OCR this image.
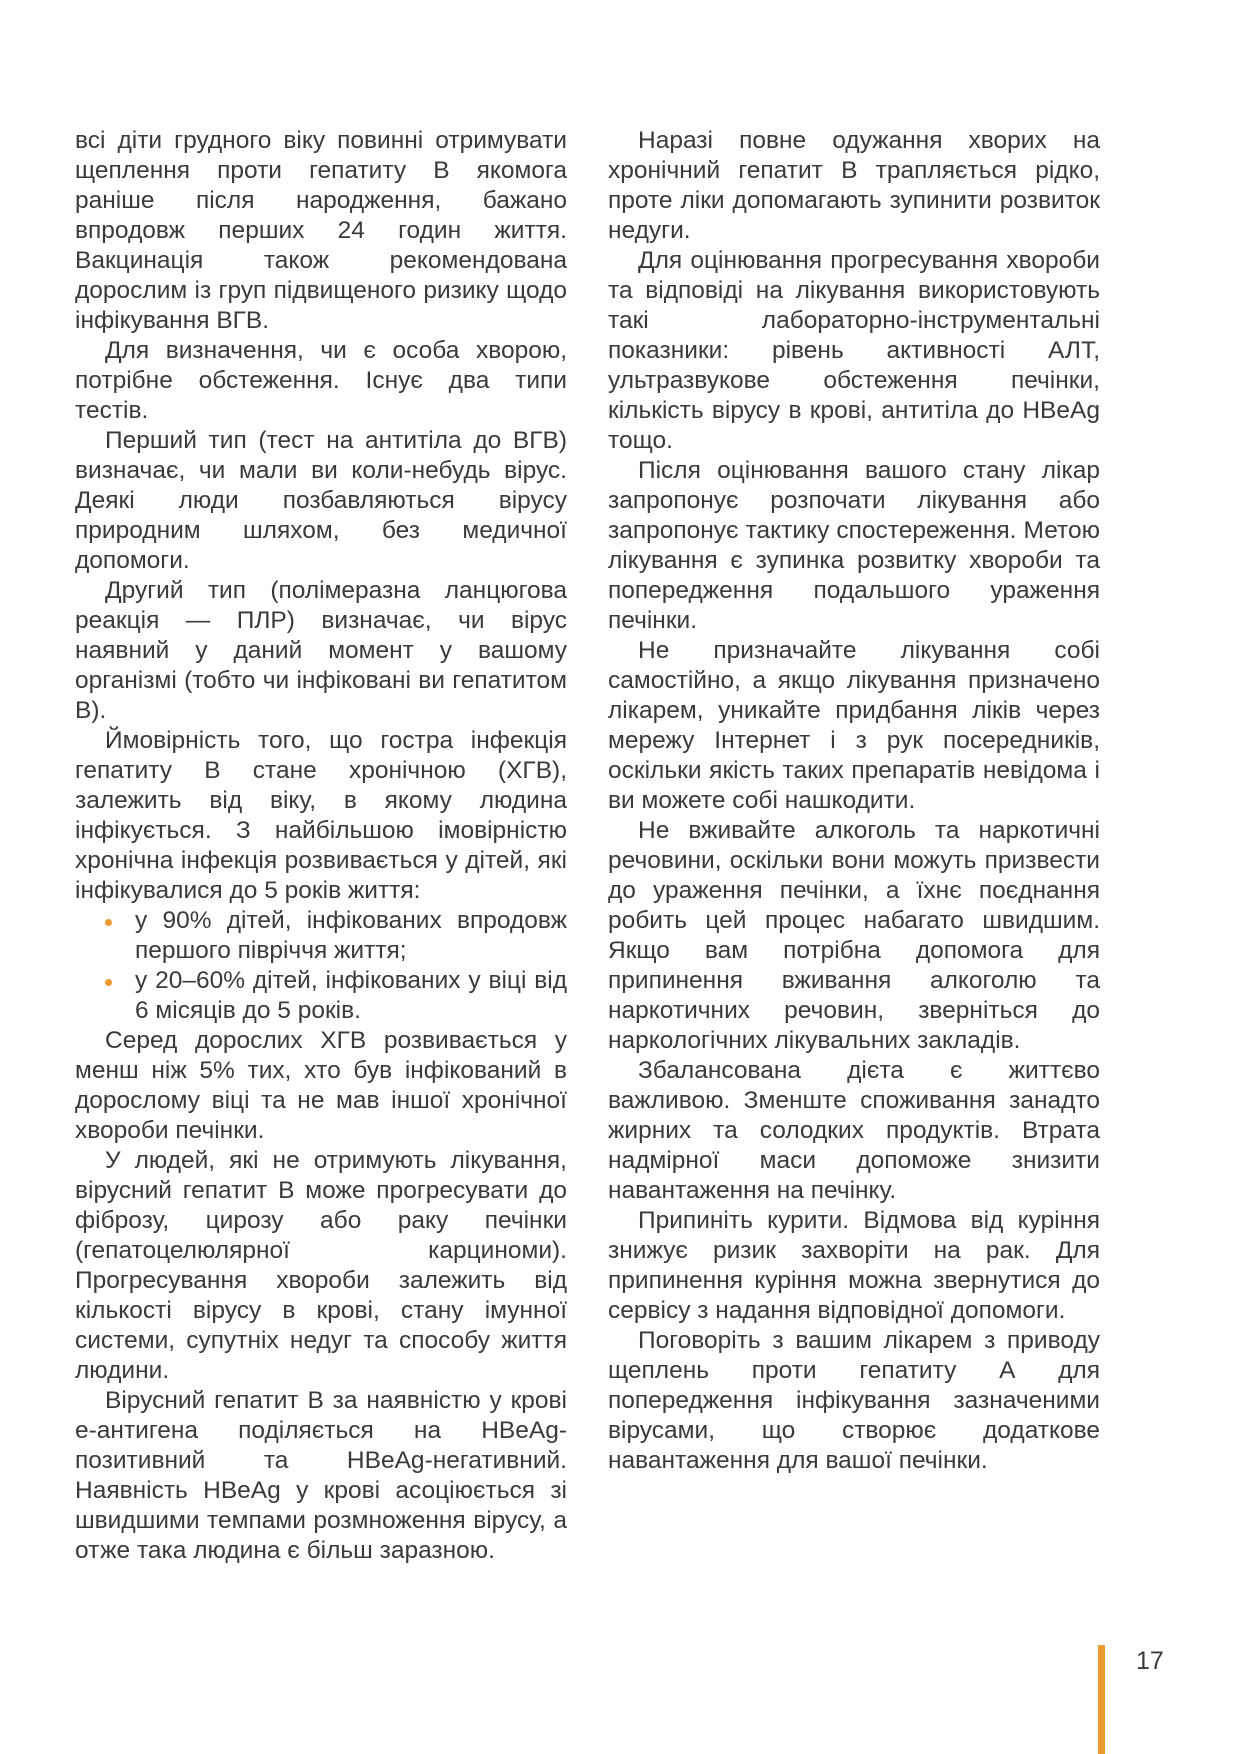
всі діти грудного віку повинні отримувати щеплення проти гепатиту В якомога раніше після народження, бажано впродовж перших 24 годин життя. Вакцинація також рекомендована дорослим із груп підвищеного ризику щодо інфікування ВГВ.

Для визначення, чи є особа хворою, потрібне обстеження. Існує два типи тестів.

Перший тип (тест на антитіла до ВГВ) визначає, чи мали ви коли-небудь вірус. Деякі люди позбавляються вірусу природним шляхом, без медичної допомоги.

Другий тип (полімеразна ланцюгова реакція — ПЛР) визначає, чи вірус наявний у даний момент у вашому організмі (тобто чи інфіковані ви гепатитом В).

Ймовірність того, що гостра інфекція гепатиту В стане хронічною (ХГВ), залежить від віку, в якому людина інфікується. З найбільшою імовірністю хронічна інфекція розвивається у дітей, які інфікувалися до 5 років життя:

у 90% дітей, інфікованих впродовж першого півріччя життя;
у 20–60% дітей, інфікованих у віці від 6 місяців до 5 років.

Серед дорослих ХГВ розвивається у менш ніж 5% тих, хто був інфікований в дорослому віці та не мав іншої хронічної хвороби печінки.

У людей, які не отримують лікування, вірусний гепатит В може прогресувати до фіброзу, цирозу або раку печінки (гепатоцелюлярної карциноми). Прогресування хвороби залежить від кількості вірусу в крові, стану імунної системи, супутніх недуг та способу життя людини.

Вірусний гепатит В за наявністю у крові е-антигена поділяється на HBeAg-позитивний та HBeAg-негативний. Наявність HBeAg у крові асоціюється зі швидшими темпами розмноження вірусу, а отже така людина є більш заразною.

Наразі повне одужання хворих на хронічний гепатит В трапляється рідко, проте ліки допомагають зупинити розвиток недуги.

Для оцінювання прогресування хвороби та відповіді на лікування використовують такі лабораторно-інструментальні показники: рівень активності АЛТ, ультразвукове обстеження печінки, кількість вірусу в крові, антитіла до HBeAg тощо.

Після оцінювання вашого стану лікар запропонує розпочати лікування або запропонує тактику спостереження. Метою лікування є зупинка розвитку хвороби та попередження подальшого ураження печінки.

Не призначайте лікування собі самостійно, а якщо лікування призначено лікарем, уникайте придбання ліків через мережу Інтернет і з рук посередників, оскільки якість таких препаратів невідома і ви можете собі нашкодити.

Не вживайте алкоголь та наркотичні речовини, оскільки вони можуть призвести до ураження печінки, а їхнє поєднання робить цей процес набагато швидшим. Якщо вам потрібна допомога для припинення вживання алкоголю та наркотичних речовин, зверніться до наркологічних лікувальних закладів.

Збалансована дієта є життєво важливою. Зменште споживання занадто жирних та солодких продуктів. Втрата надмірної маси допоможе знизити навантаження на печінку.

Припиніть курити. Відмова від куріння знижує ризик захворіти на рак. Для припинення куріння можна звернутися до сервісу з надання відповідної допомоги.

Поговоріть з вашим лікарем з приводу щеплень проти гепатиту А для попередження інфікування зазначеними вірусами, що створює додаткове навантаження для вашої печінки.

17
